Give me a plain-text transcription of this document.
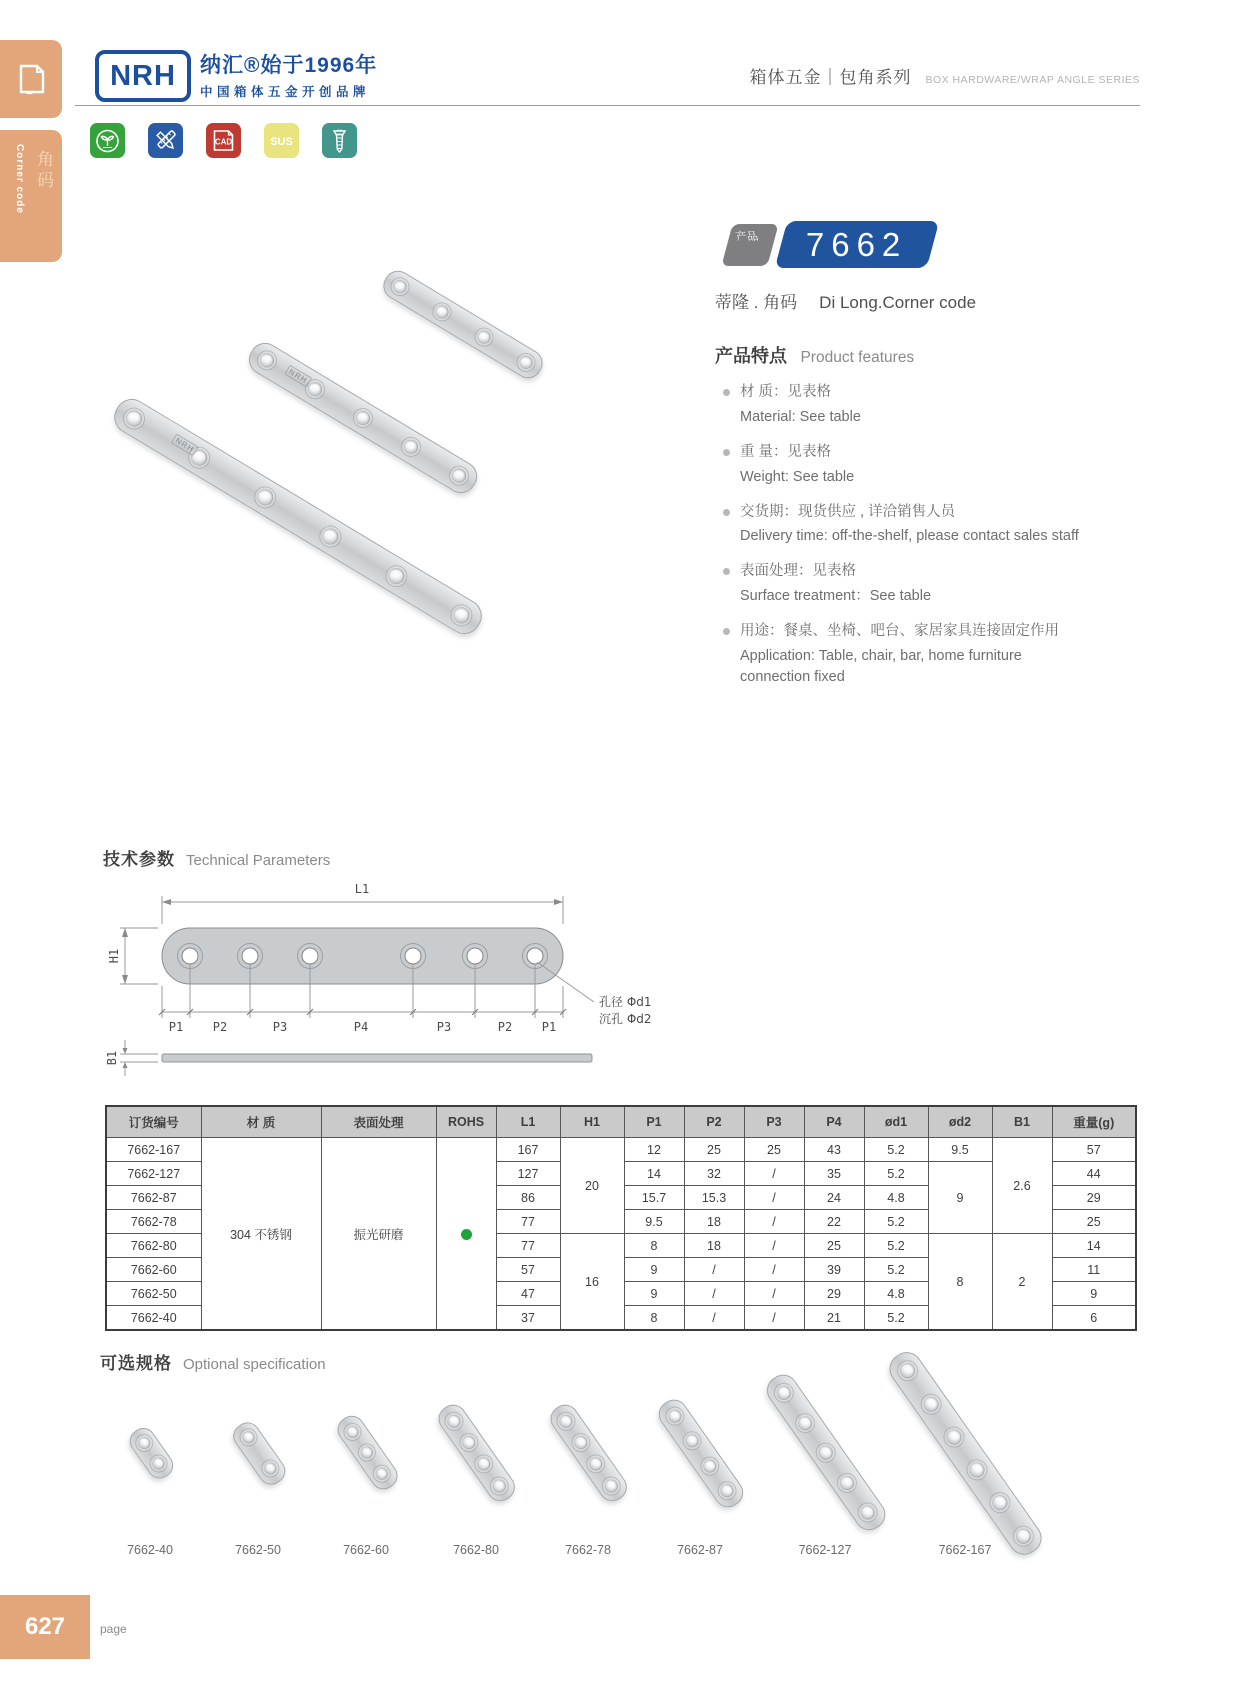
Corner code 角码
NRH 纳汇®始于1996年
中国箱体五金开创品牌
箱体五金｜包角系列 BOX HARDWARE/WRAP ANGLE SERIES
CAD	SUS
产品

型号
7662
蒂隆 . 角码 Di Long.Corner code
产品特点 Product features
材 质：见表格
Material: See table
重 量：见表格
Weight: See table
交货期：现货供应 , 详洽销售人员
Delivery time: off-the-shelf, please contact sales staff
表面处理：见表格
Surface treatment：See table
用途：餐桌、坐椅、吧台、家居家具连接固定作用
Application: Table, chair, bar, home furniture connection fixed
技术参数 Technical Parameters
L1
H1
P1 P2	P3	P4	P3	P2 P1
孔径 Φd1
沉孔 Φd2
B1
订货编号	材 质	表面处理	ROHS	L1	H1	P1	P2	P3	P4	ød1	ød2	B1	重量(g)
7662-167	304 不锈钢	振光研磨		167	20	12	25	25	43	5.2	9.5	2.6	57
7662-127				127		14	32	/	35	5.2	9		44
7662-87				86		15.7	15.3	/	24	4.8			29
7662-78				77		9.5	18	/	22	5.2			25
7662-80				77	16	8	18	/	25	5.2	8	2	14
7662-60				57		9	/	/	39	5.2			11
7662-50				47		9	/	/	29	4.8			9
7662-40				37		8	/	/	21	5.2			6
可选规格 Optional specification
627	page
NRH
NRH
7662-40	7662-50	7662-60	7662-80	7662-78	7662-87	7662-127	7662-167
